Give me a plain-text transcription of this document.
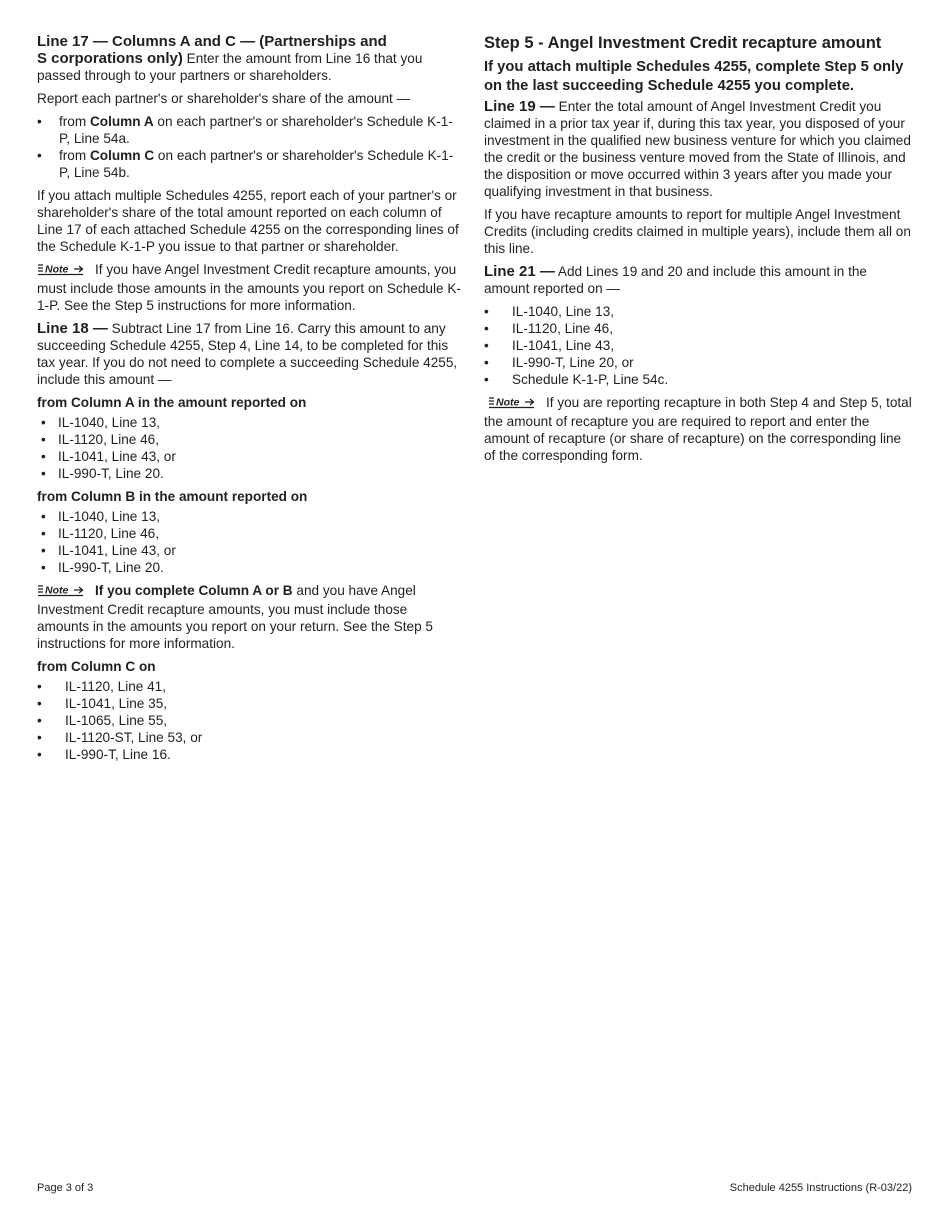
Line 17 — Columns A and C — (Partnerships and
S corporations only) Enter the amount from Line 16 that you passed through to your partners or shareholders.

Report each partner's or shareholder's share of the amount —

• from Column A on each partner's or shareholder's Schedule K-1-P, Line 54a.
• from Column C on each partner's or shareholder's Schedule K-1-P, Line 54b.

If you attach multiple Schedules 4255, report each of your partner's or shareholder's share of the total amount reported on each column of Line 17 of each attached Schedule 4255 on the corresponding lines of the Schedule K-1-P you issue to that partner or shareholder.

Note If you have Angel Investment Credit recapture amounts, you must include those amounts in the amounts you report on Schedule K-1-P. See the Step 5 instructions for more information.

Line 18 — Subtract Line 17 from Line 16. Carry this amount to any succeeding Schedule 4255, Step 4, Line 14, to be completed for this tax year. If you do not need to complete a succeeding Schedule 4255, include this amount —

from Column A in the amount reported on
• IL-1040, Line 13,
• IL-1120, Line 46,
• IL-1041, Line 43, or
• IL-990-T, Line 20.
from Column B in the amount reported on
• IL-1040, Line 13,
• IL-1120, Line 46,
• IL-1041, Line 43, or
• IL-990-T, Line 20.

Note If you complete Column A or B and you have Angel Investment Credit recapture amounts, you must include those amounts in the amounts you report on your return. See the Step 5 instructions for more information.

from Column C on
• IL-1120, Line 41,
• IL-1041, Line 35,
• IL-1065, Line 55,
• IL-1120-ST, Line 53, or
• IL-990-T, Line 16.
Step 5 - Angel Investment Credit recapture amount
If you attach multiple Schedules 4255, complete Step 5 only on the last succeeding Schedule 4255 you complete.

Line 19 — Enter the total amount of Angel Investment Credit you claimed in a prior tax year if, during this tax year, you disposed of your investment in the qualified new business venture for which you claimed the credit or the business venture moved from the State of Illinois, and the disposition or move occurred within 3 years after you made your qualifying investment in that business.

If you have recapture amounts to report for multiple Angel Investment Credits (including credits claimed in multiple years), include them all on this line.

Line 21 — Add Lines 19 and 20 and include this amount in the amount reported on —

• IL-1040, Line 13,
• IL-1120, Line 46,
• IL-1041, Line 43,
• IL-990-T, Line 20, or
• Schedule K-1-P, Line 54c.

Note If you are reporting recapture in both Step 4 and Step 5, total the amount of recapture you are required to report and enter the amount of recapture (or share of recapture) on the corresponding line of the corresponding form.

Page 3 of 3	Schedule 4255 Instructions (R-03/22)
